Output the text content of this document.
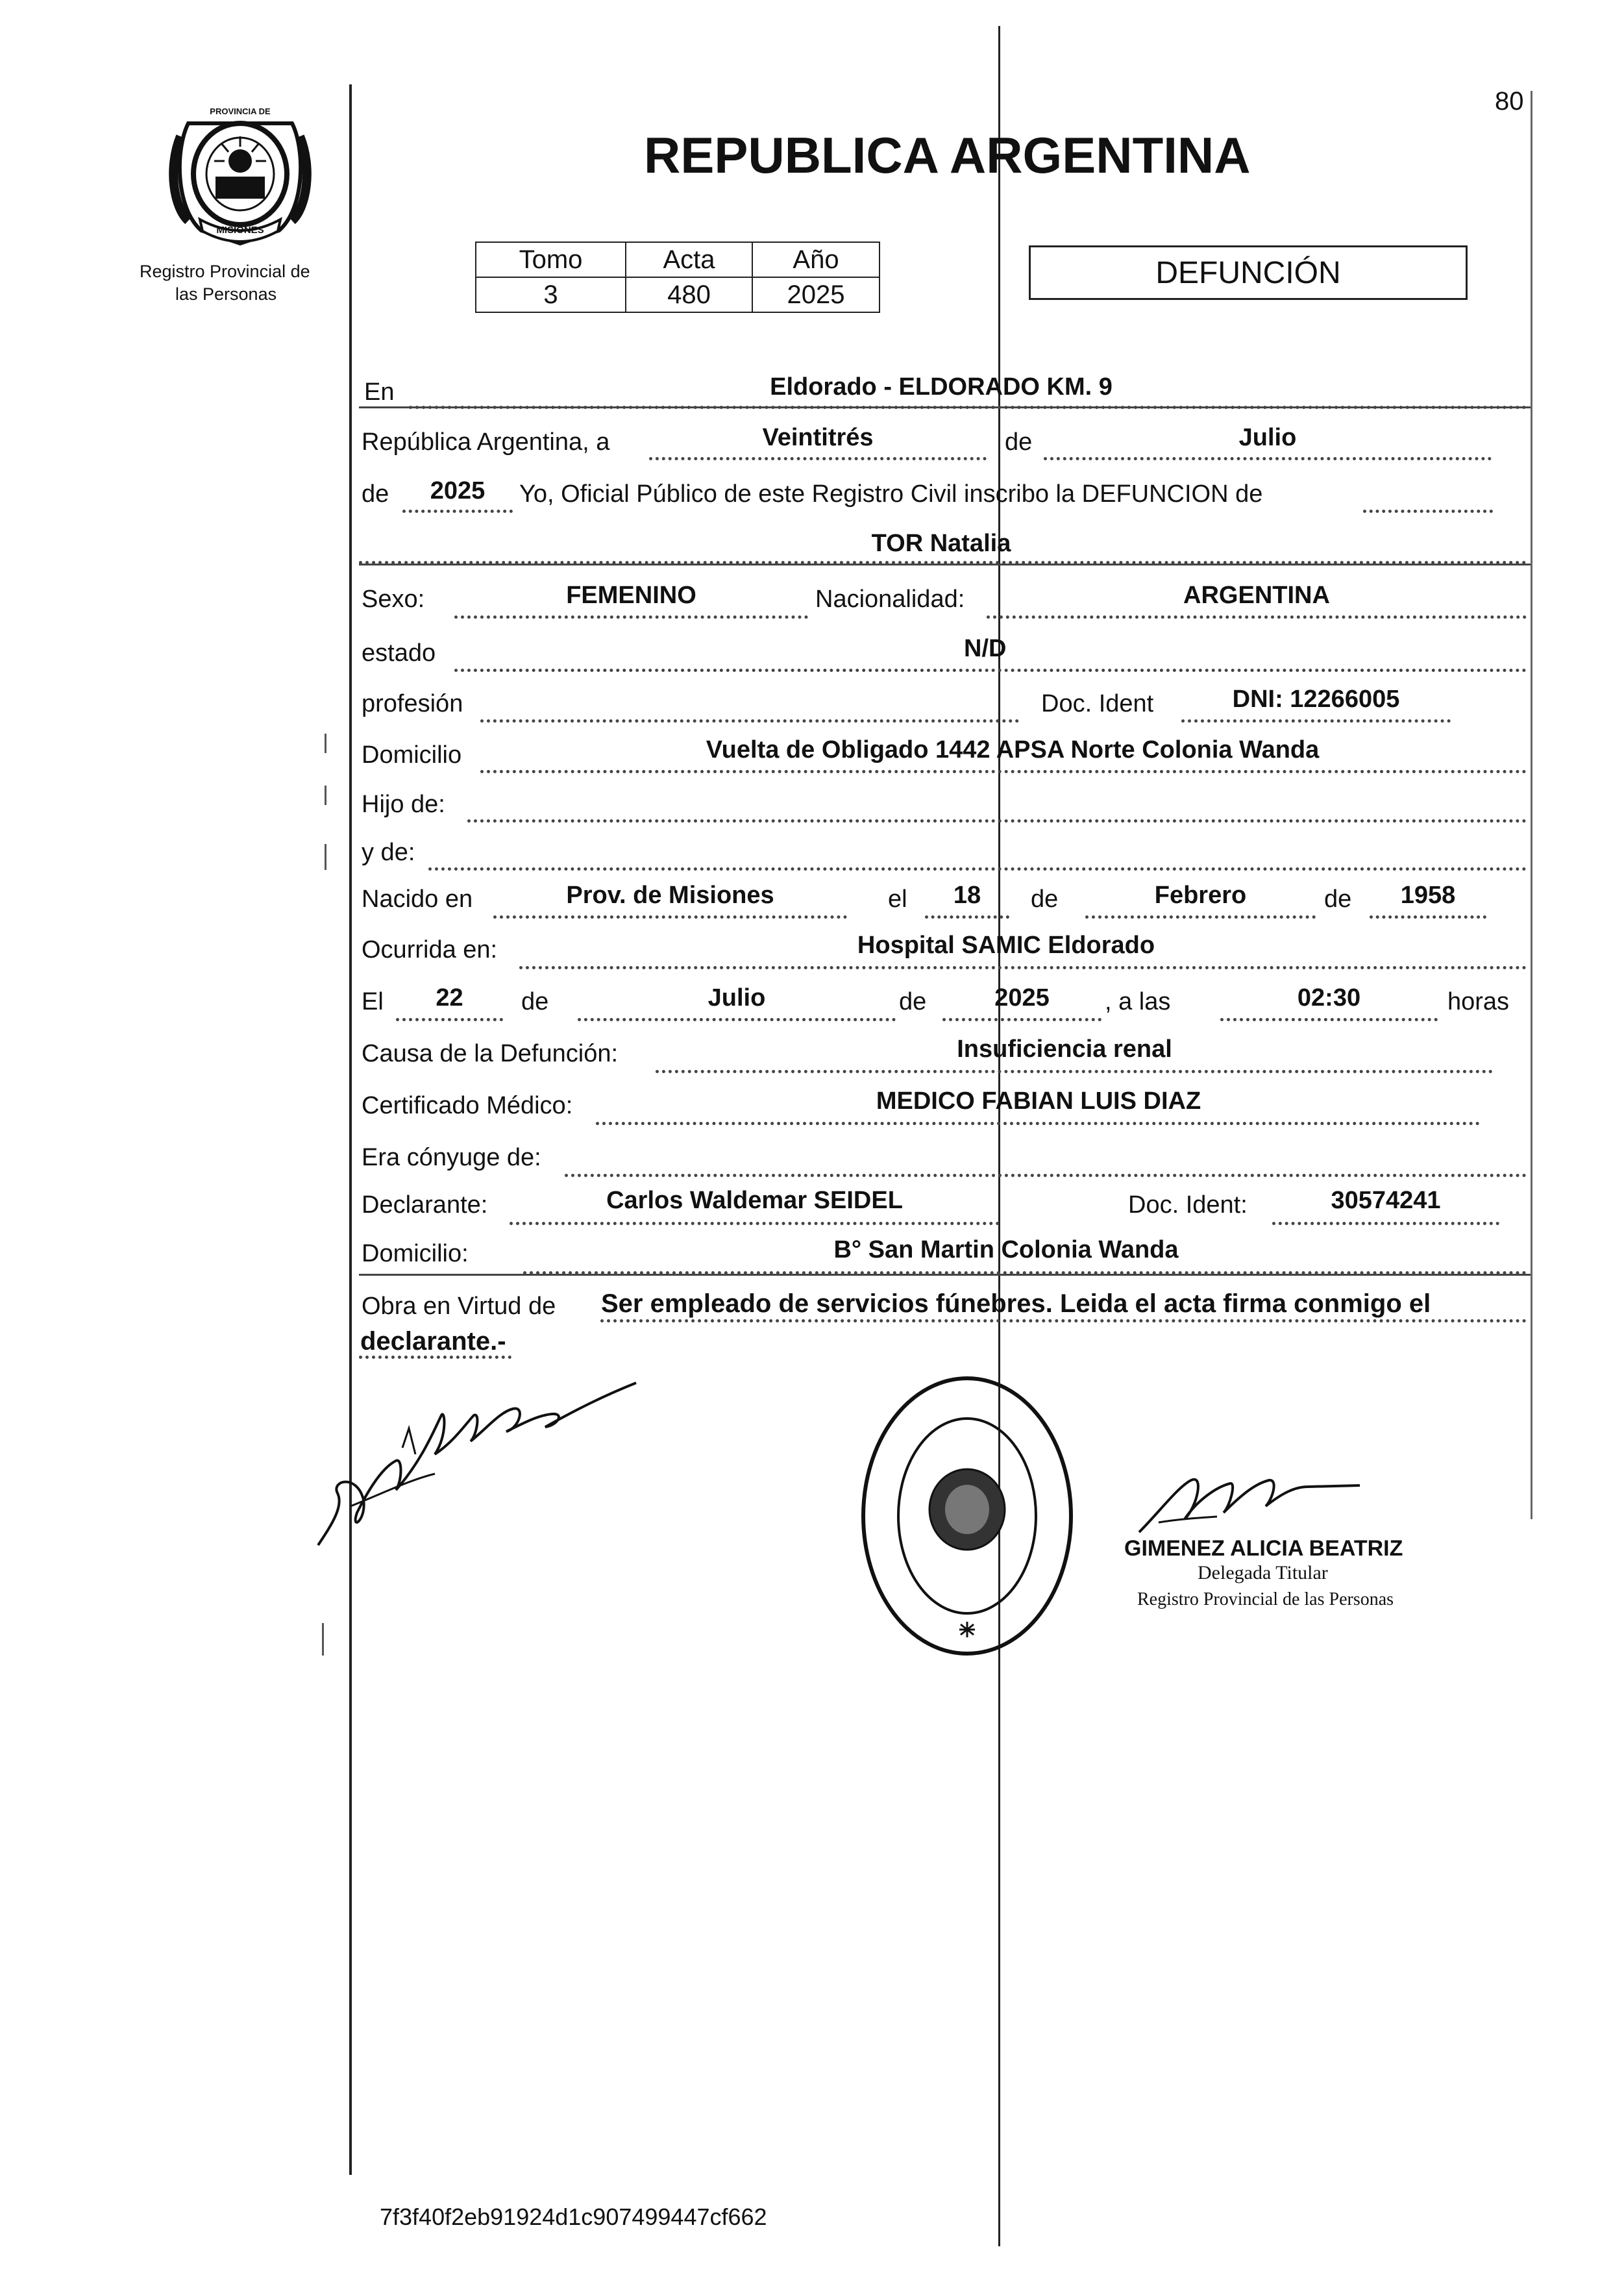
80
PROVINCIA DE
MISIONES
Registro Provincial de
las Personas
REPUBLICA ARGENTINA
Tomo	Acta	Año
3	480	2025
DEFUNCIÓN
En	Eldorado - ELDORADO KM. 9
República Argentina, a	Veintitrés	de	Julio
de	2025	Yo, Oficial Público de este Registro Civil inscribo la DEFUNCION de
TOR Natalia
Sexo:	FEMENINO	Nacionalidad:	ARGENTINA
estado	N/D
profesión	Doc. Ident	DNI: 12266005
Domicilio	Vuelta de Obligado 1442 APSA Norte Colonia Wanda
Hijo de:
y de:
Nacido en	Prov. de Misiones	el	18	de	Febrero	de	1958
Ocurrida en:	Hospital SAMIC Eldorado
El	22	de	Julio	de	2025	, a las	02:30	horas
Causa de la Defunción:	Insuficiencia renal
Certificado Médico:	MEDICO FABIAN LUIS DIAZ
Era cónyuge de:
Declarante:	Carlos Waldemar SEIDEL	Doc. Ident:	30574241
Domicilio:	B° San Martin Colonia Wanda
Obra en Virtud de Ser empleado de servicios fúnebres. Leida el acta firma conmigo el
declarante.-
GIMENEZ ALICIA BEATRIZ
Delegada Titular
Registro Provincial de las Personas
7f3f40f2eb91924d1c907499447cf662
